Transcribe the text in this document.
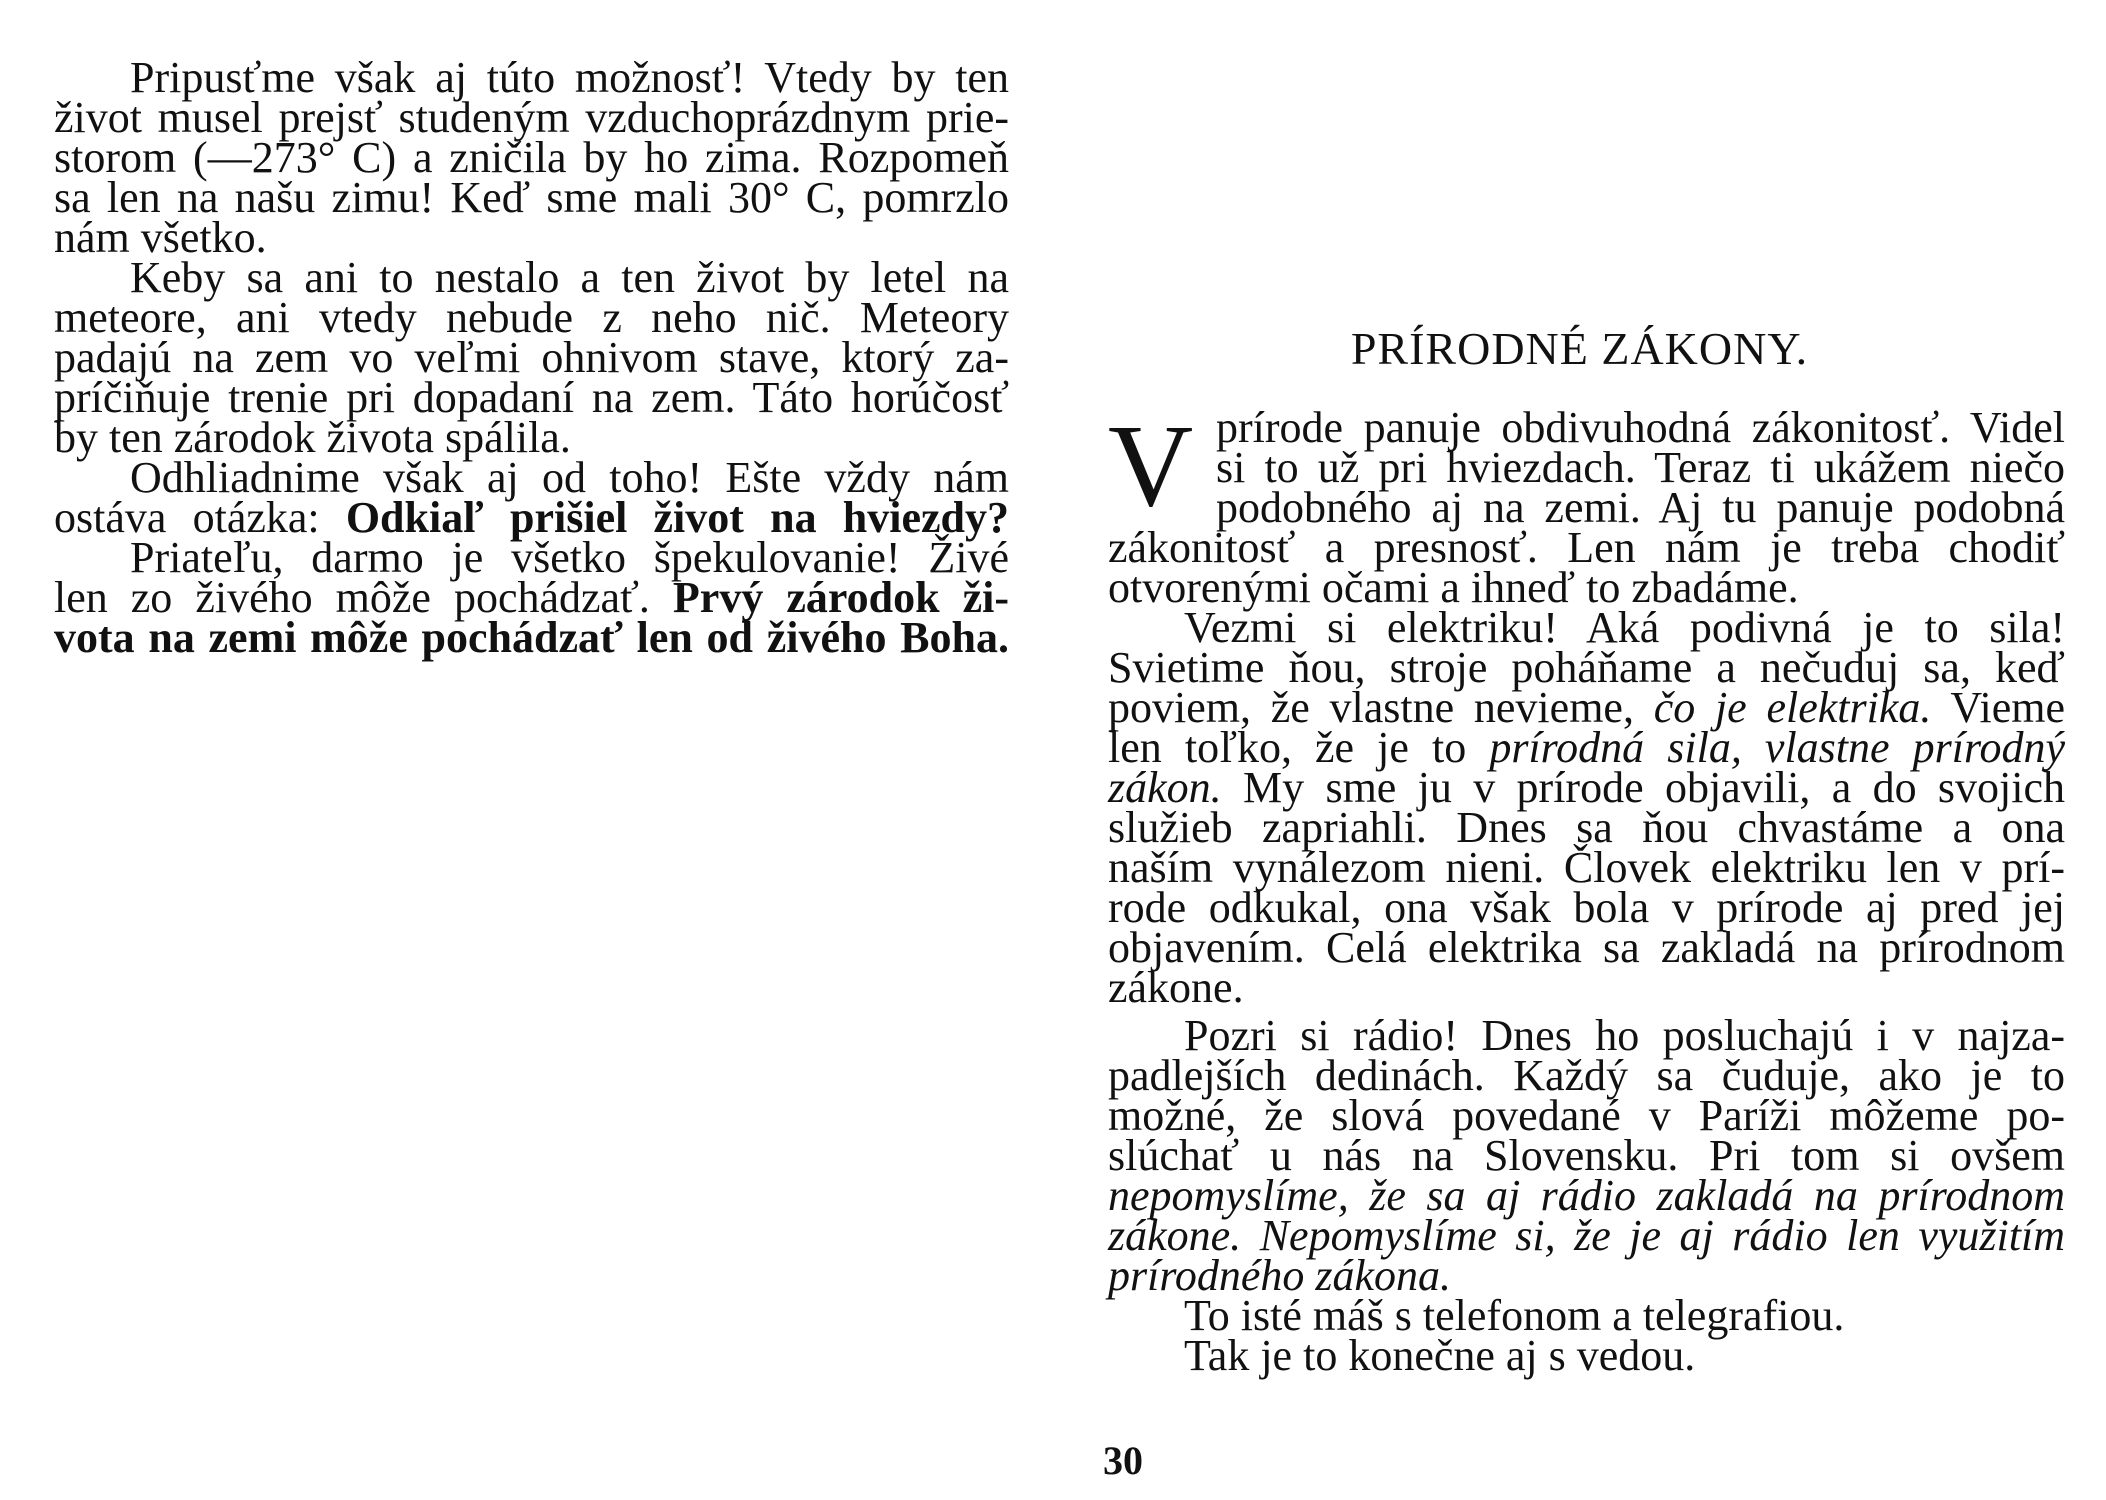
Pripusťme však aj túto možnosť! Vtedy by ten
život musel prejsť studeným vzduchoprázdnym prie-
storom (—273° C) a zničila by ho zima. Rozpomeň
sa len na našu zimu! Keď sme mali 30° C, pomrzlo
nám všetko.
Keby sa ani to nestalo a ten život by letel na
meteore, ani vtedy nebude z neho nič. Meteory
padajú na zem vo veľmi ohnivom stave, ktorý za-
príčiňuje trenie pri dopadaní na zem. Táto horúčosť
by ten zárodok života spálila.
Odhliadnime však aj od toho! Ešte vždy nám
ostáva otázka: Odkiaľ prišiel život na hviezdy?
Priateľu, darmo je všetko špekulovanie! Živé
len zo živého môže pochádzať. Prvý zárodok ži-
vota na zemi môže pochádzať len od živého Boha.
PRÍRODNÉ ZÁKONY.
V prírode panuje obdivuhodná zákonitosť. Videl
si to už pri hviezdach. Teraz ti ukážem niečo
podobného aj na zemi. Aj tu panuje podobná
zákonitosť a presnosť. Len nám je treba chodiť
otvorenými očami a ihneď to zbadáme.
Vezmi si elektriku! Aká podivná je to sila!
Svietime ňou, stroje poháňame a nečuduj sa, keď
poviem, že vlastne nevieme, čo je elektrika. Vieme
len toľko, že je to prírodná sila, vlastne prírodný
zákon. My sme ju v prírode objavili, a do svojich
služieb zapriahli. Dnes sa ňou chvastáme a ona
naším vynálezom nieni. Človek elektriku len v prí-
rode odkukal, ona však bola v prírode aj pred jej
objavením. Celá elektrika sa zakladá na prírodnom
zákone.
Pozri si rádio! Dnes ho posluchajú i v najza-
padlejších dedinách. Každý sa čuduje, ako je to
možné, že slová povedané v Paríži môžeme po-
slúchať u nás na Slovensku. Pri tom si ovšem
nepomyslíme, že sa aj rádio zakladá na prírodnom
zákone. Nepomyslíme si, že je aj rádio len využitím
prírodného zákona.
To isté máš s telefonom a telegrafiou.
Tak je to konečne aj s vedou.
30
